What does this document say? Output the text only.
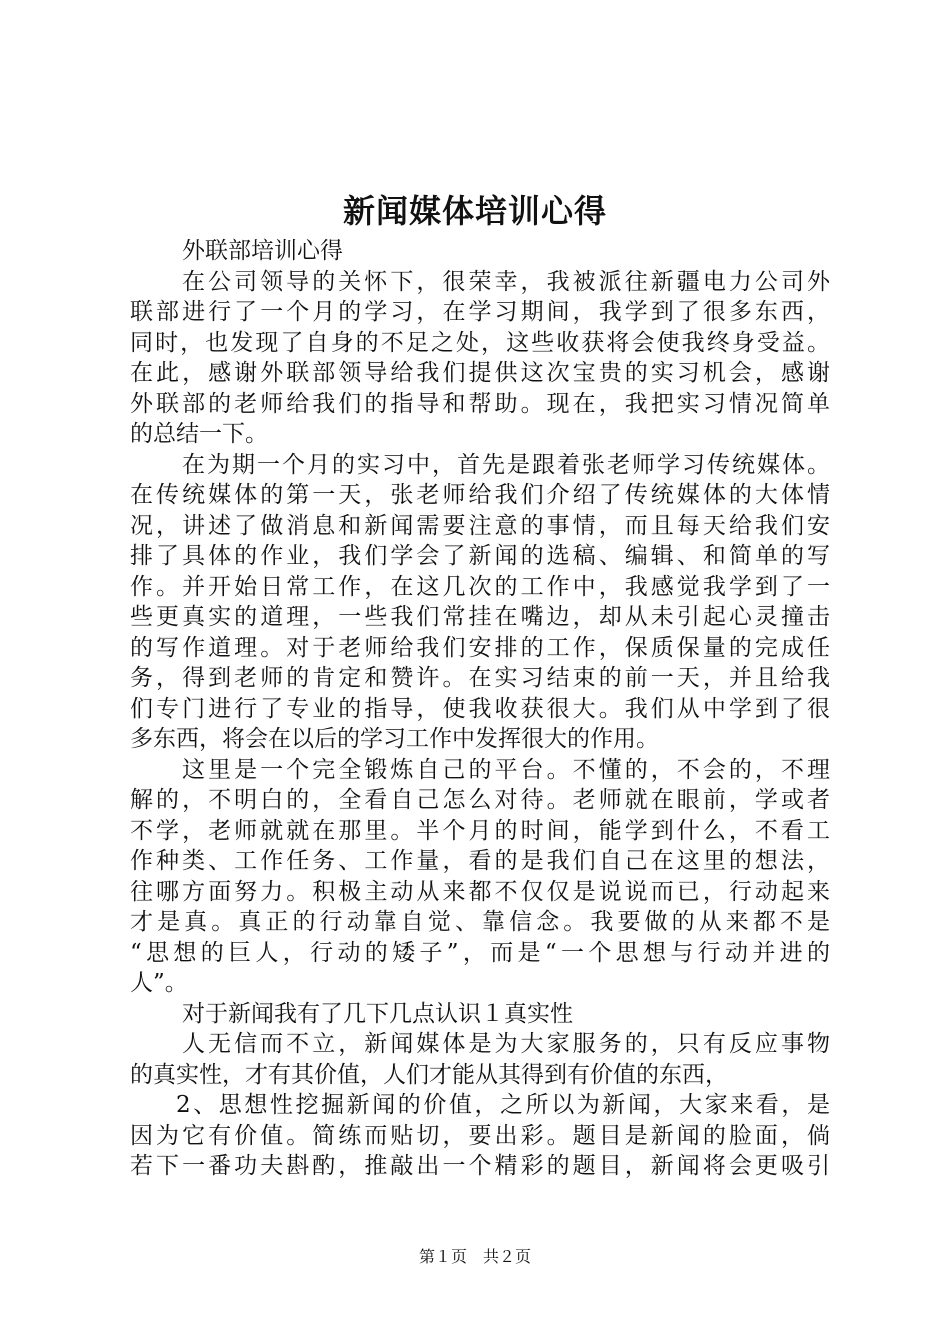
新闻媒体培训心得
外联部培训心得
在公司领导的关怀下，很荣幸，我被派往新疆电力公司外
联部进行了一个月的学习，在学习期间，我学到了很多东西，
同时，也发现了自身的不足之处，这些收获将会使我终身受益。
在此，感谢外联部领导给我们提供这次宝贵的实习机会，感谢
外联部的老师给我们的指导和帮助。现在，我把实习情况简单
的总结一下。
在为期一个月的实习中，首先是跟着张老师学习传统媒体。
在传统媒体的第一天，张老师给我们介绍了传统媒体的大体情
况，讲述了做消息和新闻需要注意的事情，而且每天给我们安
排了具体的作业，我们学会了新闻的选稿、编辑、和简单的写
作。并开始日常工作，在这几次的工作中，我感觉我学到了一
些更真实的道理，一些我们常挂在嘴边，却从未引起心灵撞击
的写作道理。对于老师给我们安排的工作，保质保量的完成任
务，得到老师的肯定和赞许。在实习结束的前一天，并且给我
们专门进行了专业的指导，使我收获很大。我们从中学到了很
多东西，将会在以后的学习工作中发挥很大的作用。
这里是一个完全锻炼自己的平台。不懂的，不会的，不理
解的，不明白的，全看自己怎么对待。老师就在眼前，学或者
不学，老师就就在那里。半个月的时间，能学到什么，不看工
作种类、工作任务、工作量，看的是我们自己在这里的想法，
往哪方面努力。积极主动从来都不仅仅是说说而已，行动起来
才是真。真正的行动靠自觉、靠信念。我要做的从来都不是
“思想的巨人，行动的矮子”，而是“一个思想与行动并进的
人”。
对于新闻我有了几下几点认识１真实性
人无信而不立，新闻媒体是为大家服务的，只有反应事物
的真实性，才有其价值，人们才能从其得到有价值的东西，
2、思想性挖掘新闻的价值，之所以为新闻，大家来看，是
因为它有价值。简练而贴切，要出彩。题目是新闻的脸面，倘
若下一番功夫斟酌，推敲出一个精彩的题目，新闻将会更吸引
第１页　共２页
